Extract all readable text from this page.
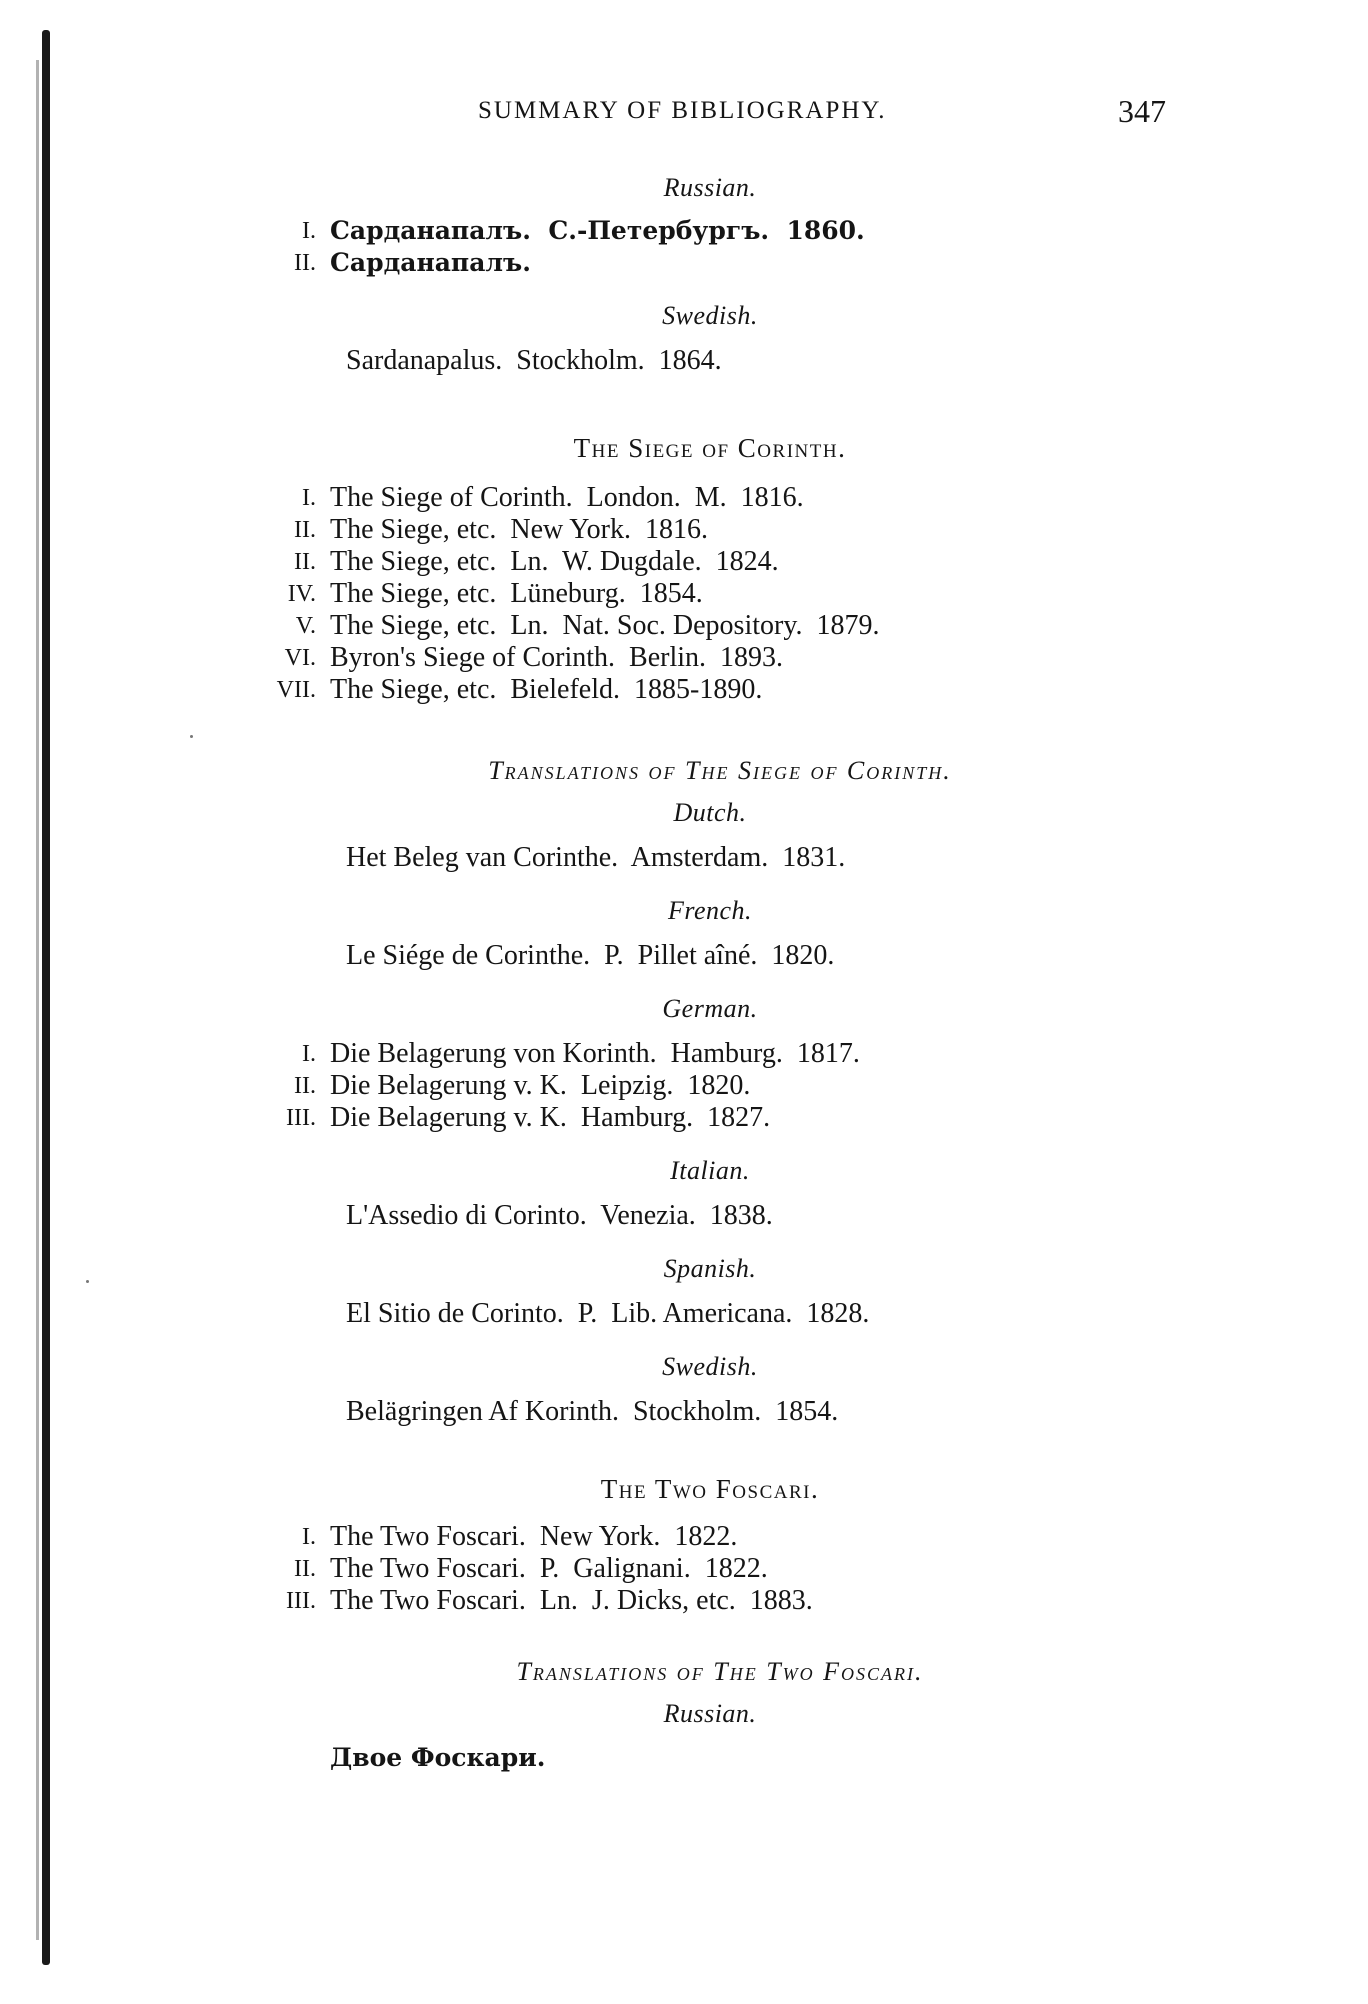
SUMMARY OF BIBLIOGRAPHY.	347
Russian.
I. Сарданапалъ.  С.-Петербургъ.  1860.
II. Сарданапалъ.
Swedish.
Sardanapalus.  Stockholm.  1864.
The Siege of Corinth.
I. The Siege of Corinth.  London.  M.  1816.
II. The Siege, etc.  New York.  1816.
II. The Siege, etc.  Ln.  W. Dugdale.  1824.
IV. The Siege, etc.  Lüneburg.  1854.
V. The Siege, etc.  Ln.  Nat. Soc. Depository.  1879.
VI. Byron's Siege of Corinth.  Berlin.  1893.
VII. The Siege, etc.  Bielefeld.  1885-1890.
Translations of The Siege of Corinth.
Dutch.
Het Beleg van Corinthe.  Amsterdam.  1831.
French.
Le Siége de Corinthe.  P.  Pillet aîné.  1820.
German.
I. Die Belagerung von Korinth.  Hamburg.  1817.
II. Die Belagerung v. K.  Leipzig.  1820.
III. Die Belagerung v. K.  Hamburg.  1827.
Italian.
L'Assedio di Corinto.  Venezia.  1838.
Spanish.
El Sitio de Corinto.  P.  Lib. Americana.  1828.
Swedish.
Belägringen Af Korinth.  Stockholm.  1854.
The Two Foscari.
I. The Two Foscari.  New York.  1822.
II. The Two Foscari.  P.  Galignani.  1822.
III. The Two Foscari.  Ln.  J. Dicks, etc.  1883.
Translations of The Two Foscari.
Russian.
Двое Фоскари.
